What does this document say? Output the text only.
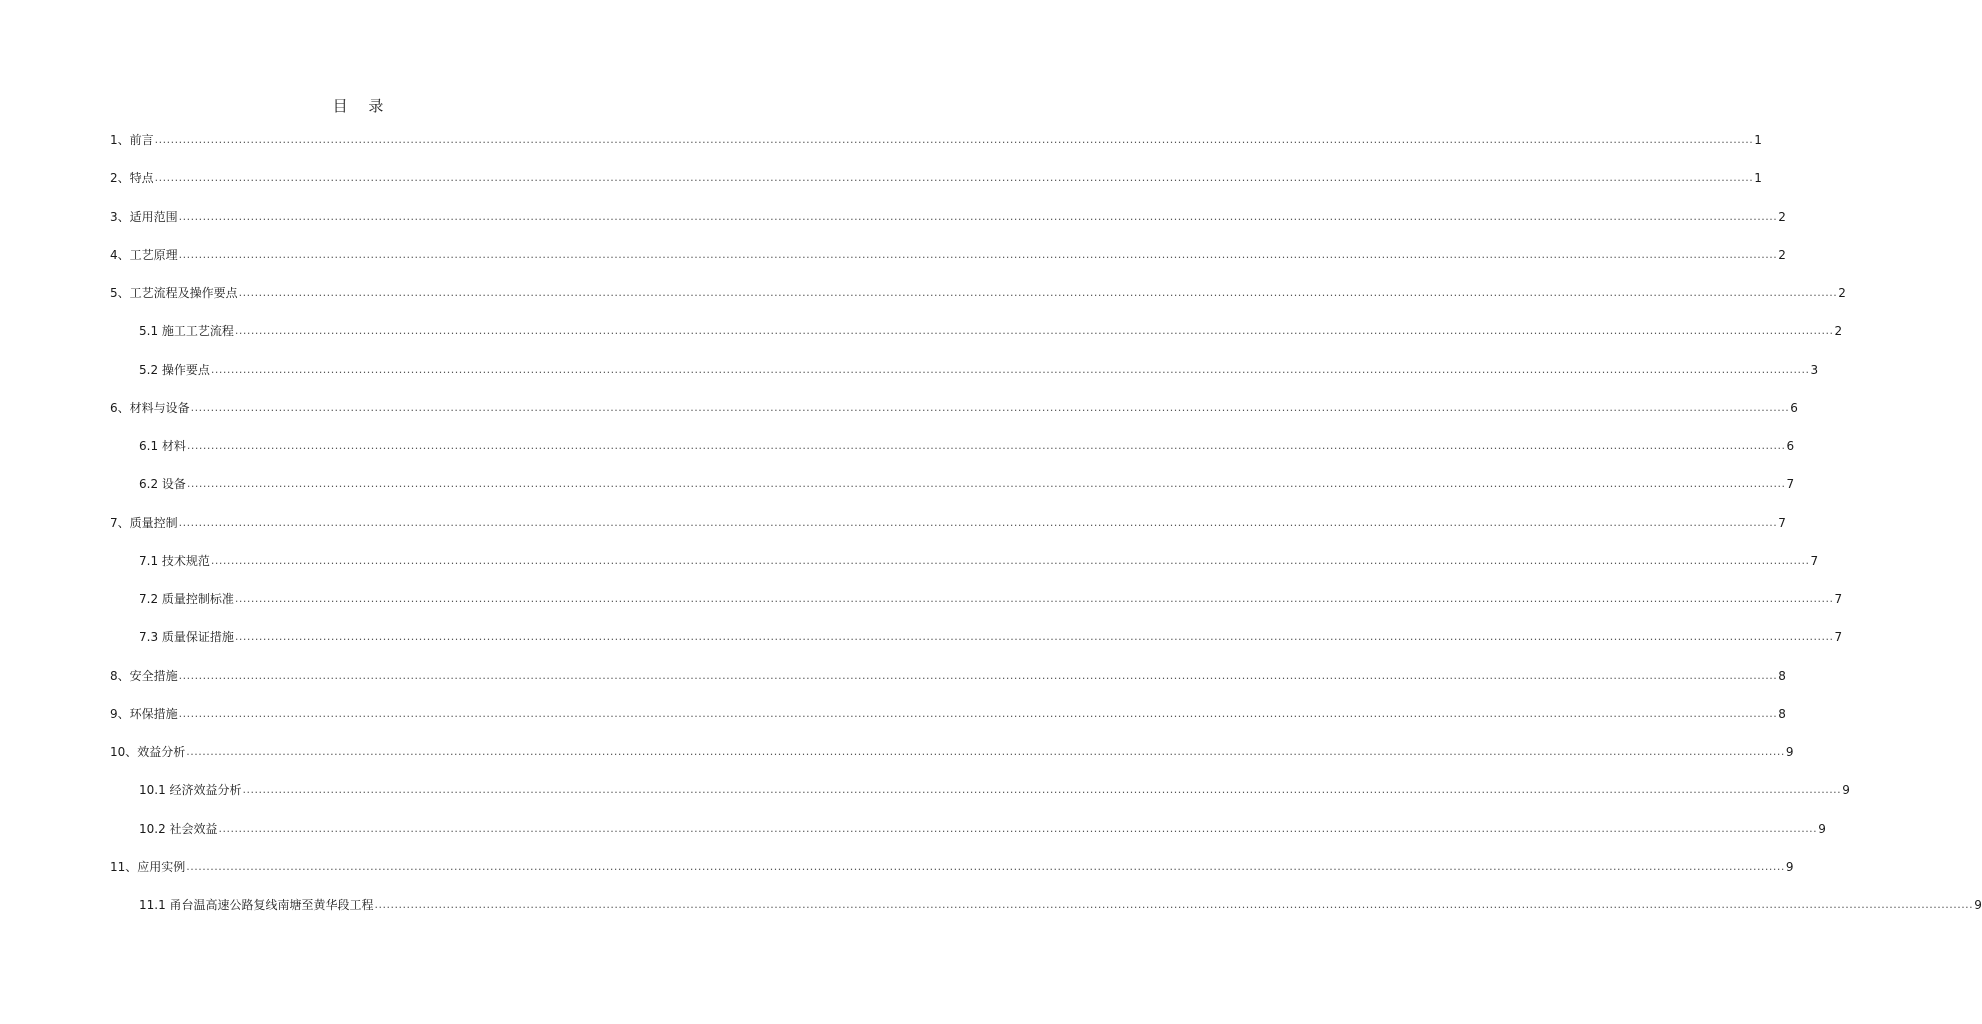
目 录
1、前言 ................................................................................................................................................................................................................................................................................................................................................................................................................ 1
2、特点 ................................................................................................................................................................................................................................................................................................................................................................................................................ 1
3、适用范围 ................................................................................................................................................................................................................................................................................................................................................................................................................ 2
4、工艺原理 ................................................................................................................................................................................................................................................................................................................................................................................................................ 2
5、工艺流程及操作要点 ................................................................................................................................................................................................................................................................................................................................................................................................................ 2
5.1 施工工艺流程 ................................................................................................................................................................................................................................................................................................................................................................................................................ 2
5.2 操作要点 ................................................................................................................................................................................................................................................................................................................................................................................................................ 3
6、材料与设备 ................................................................................................................................................................................................................................................................................................................................................................................................................ 6
6.1 材料 ................................................................................................................................................................................................................................................................................................................................................................................................................ 6
6.2 设备 ................................................................................................................................................................................................................................................................................................................................................................................................................ 7
7、质量控制 ................................................................................................................................................................................................................................................................................................................................................................................................................ 7
7.1 技术规范 ................................................................................................................................................................................................................................................................................................................................................................................................................ 7
7.2 质量控制标准 ................................................................................................................................................................................................................................................................................................................................................................................................................ 7
7.3 质量保证措施 ................................................................................................................................................................................................................................................................................................................................................................................................................ 7
8、安全措施 ................................................................................................................................................................................................................................................................................................................................................................................................................ 8
9、环保措施 ................................................................................................................................................................................................................................................................................................................................................................................................................ 8
10、效益分析 ................................................................................................................................................................................................................................................................................................................................................................................................................ 9
10.1 经济效益分析 ................................................................................................................................................................................................................................................................................................................................................................................................................ 9
10.2 社会效益 ................................................................................................................................................................................................................................................................................................................................................................................................................ 9
11、应用实例 ................................................................................................................................................................................................................................................................................................................................................................................................................ 9
11.1 甬台温高速公路复线南塘至黄华段工程 ................................................................................................................................................................................................................................................................................................................................................................................................................ 9
